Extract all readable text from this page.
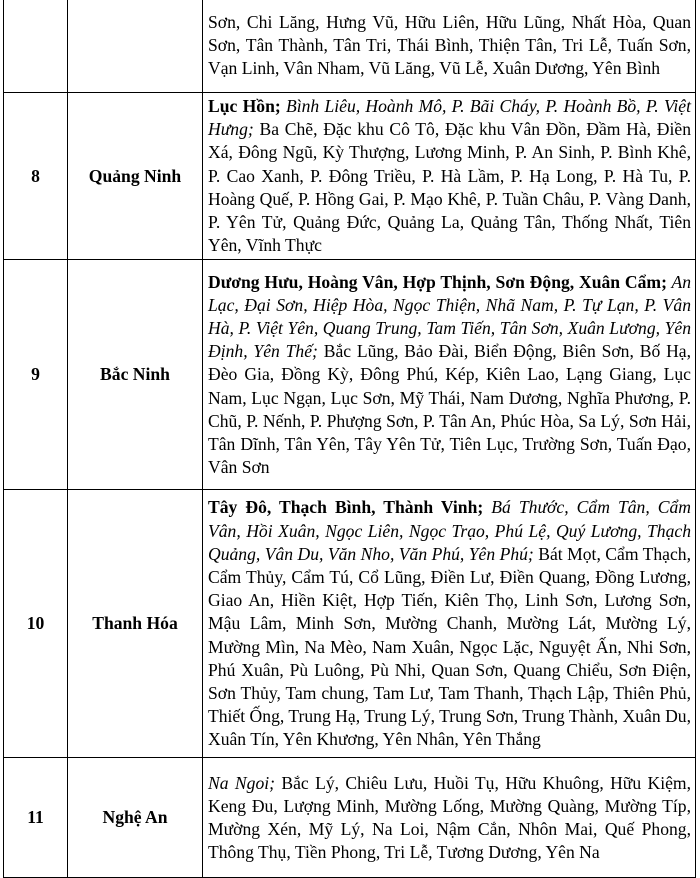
		Sơn, Chi Lăng, Hưng Vũ, Hữu Liên, Hữu Lũng, Nhất Hòa, Quan Sơn, Tân Thành, Tân Tri, Thái Bình, Thiện Tân, Tri Lễ, Tuấn Sơn, Vạn Linh, Vân Nham, Vũ Lăng, Vũ Lễ, Xuân Dương, Yên Bình
8	Quảng Ninh	Lục Hồn; Bình Liêu, Hoành Mô, P. Bãi Cháy, P. Hoành Bồ, P. Việt Hưng; Ba Chẽ, Đặc khu Cô Tô, Đặc khu Vân Đồn, Đầm Hà, Điền Xá, Đông Ngũ, Kỳ Thượng, Lương Minh, P. An Sinh, P. Bình Khê, P. Cao Xanh, P. Đông Triều, P. Hà Lầm, P. Hạ Long, P. Hà Tu, P. Hoàng Quế, P. Hồng Gai, P. Mạo Khê, P. Tuần Châu, P. Vàng Danh, P. Yên Tử, Quảng Đức, Quảng La, Quảng Tân, Thống Nhất, Tiên Yên, Vĩnh Thực
9	Bắc Ninh	Dương Hưu, Hoàng Vân, Hợp Thịnh, Sơn Động, Xuân Cẩm; An Lạc, Đại Sơn, Hiệp Hòa, Ngọc Thiện, Nhã Nam, P. Tự Lạn, P. Vân Hà, P. Việt Yên, Quang Trung, Tam Tiến, Tân Sơn, Xuân Lương, Yên Định, Yên Thế; Bắc Lũng, Bảo Đài, Biển Động, Biên Sơn, Bố Hạ, Đèo Gia, Đồng Kỳ, Đông Phú, Kép, Kiên Lao, Lạng Giang, Lục Nam, Lục Ngạn, Lục Sơn, Mỹ Thái, Nam Dương, Nghĩa Phương, P. Chũ, P. Nếnh, P. Phượng Sơn, P. Tân An, Phúc Hòa, Sa Lý, Sơn Hải, Tân Dĩnh, Tân Yên, Tây Yên Tử, Tiên Lục, Trường Sơn, Tuấn Đạo, Vân Sơn
10	Thanh Hóa	Tây Đô, Thạch Bình, Thành Vinh; Bá Thước, Cẩm Tân, Cẩm Vân, Hồi Xuân, Ngọc Liên, Ngọc Trạo, Phú Lệ, Quý Lương, Thạch Quảng, Vân Du, Văn Nho, Văn Phú, Yên Phú; Bát Mọt, Cẩm Thạch, Cẩm Thủy, Cẩm Tú, Cổ Lũng, Điền Lư, Điền Quang, Đồng Lương, Giao An, Hiền Kiệt, Hợp Tiến, Kiên Thọ, Linh Sơn, Lương Sơn, Mậu Lâm, Minh Sơn, Mường Chanh, Mường Lát, Mường Lý, Mường Mìn, Na Mèo, Nam Xuân, Ngọc Lặc, Nguyệt Ấn, Nhi Sơn, Phú Xuân, Pù Luông, Pù Nhi, Quan Sơn, Quang Chiểu, Sơn Điện, Sơn Thủy, Tam chung, Tam Lư, Tam Thanh, Thạch Lập, Thiên Phủ, Thiết Ống, Trung Hạ, Trung Lý, Trung Sơn, Trung Thành, Xuân Du, Xuân Tín, Yên Khương, Yên Nhân, Yên Thắng
11	Nghệ An	Na Ngoi; Bắc Lý, Chiêu Lưu, Huồi Tụ, Hữu Khuông, Hữu Kiệm, Keng Đu, Lượng Minh, Mường Lống, Mường Quàng, Mường Típ, Mường Xén, Mỹ Lý, Na Loi, Nậm Cắn, Nhôn Mai, Quế Phong, Thông Thụ, Tiền Phong, Tri Lễ, Tương Dương, Yên Na
